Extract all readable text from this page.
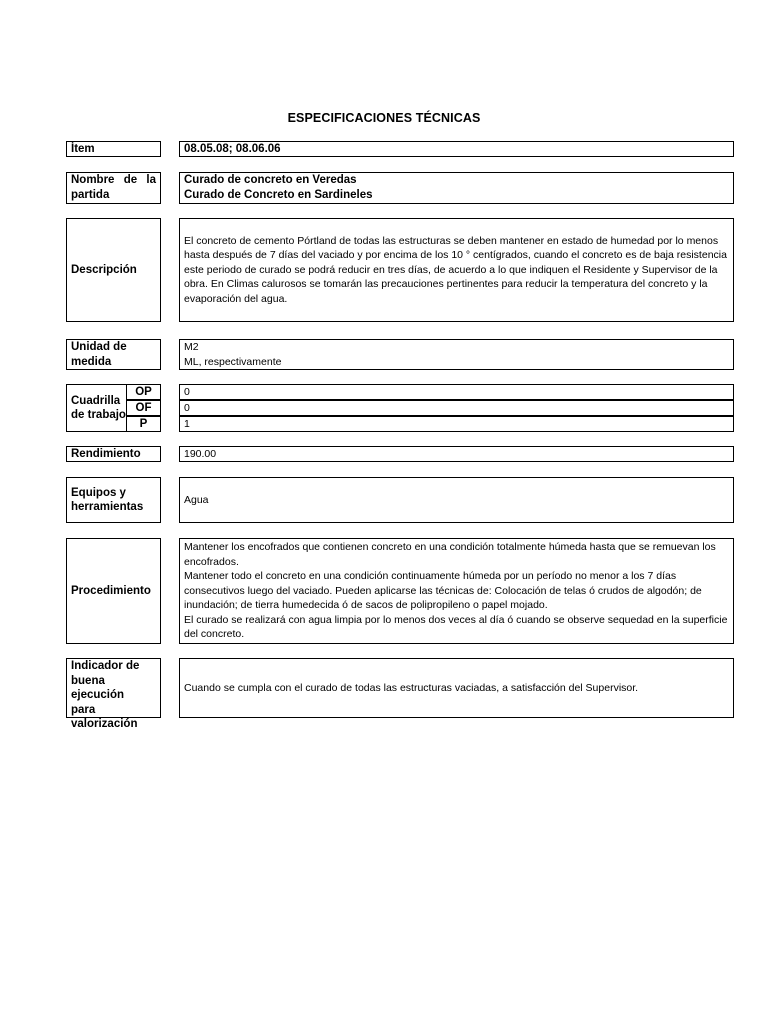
ESPECIFICACIONES TÉCNICAS
Ítem	08.05.08; 08.06.06
Nombre de la
partida
Curado de concreto en Veredas
Curado de Concreto en Sardineles
Descripción

El concreto de cemento Pórtland de todas las estructuras se deben mantener en estado de humedad por lo menos hasta después de 7 días del vaciado y por encima de los 10 ° centígrados, cuando el concreto es de baja resistencia este periodo de curado se podrá reducir en tres días, de acuerdo a lo que indiquen el Residente y Supervisor de la obra. En Climas calurosos se tomarán las precauciones pertinentes para reducir la temperatura del concreto y la evaporación del agua.

Unidad de
medida
M2
ML, respectivamente
Cuadrilla
de trabajo
OP
OF
P
0
0
1
Rendimiento	190.00
Equipos y
herramientas
Agua
Procedimiento

Mantener los encofrados que contienen concreto en una condición totalmente húmeda hasta que se remuevan los encofrados.

Mantener todo el concreto en una condición continuamente húmeda por un período no menor a los 7 días consecutivos luego del vaciado. Pueden aplicarse las técnicas de: Colocación de telas ó crudos de algodón; de inundación; de tierra humedecida ó de sacos de polipropileno o papel mojado.

El curado se realizará con agua limpia por lo menos dos veces al día ó cuando se observe sequedad en la superficie del concreto.

Indicador de
buena ejecución
para
valorización
Cuando se cumpla con el curado de todas las estructuras vaciadas, a satisfacción del Supervisor.
